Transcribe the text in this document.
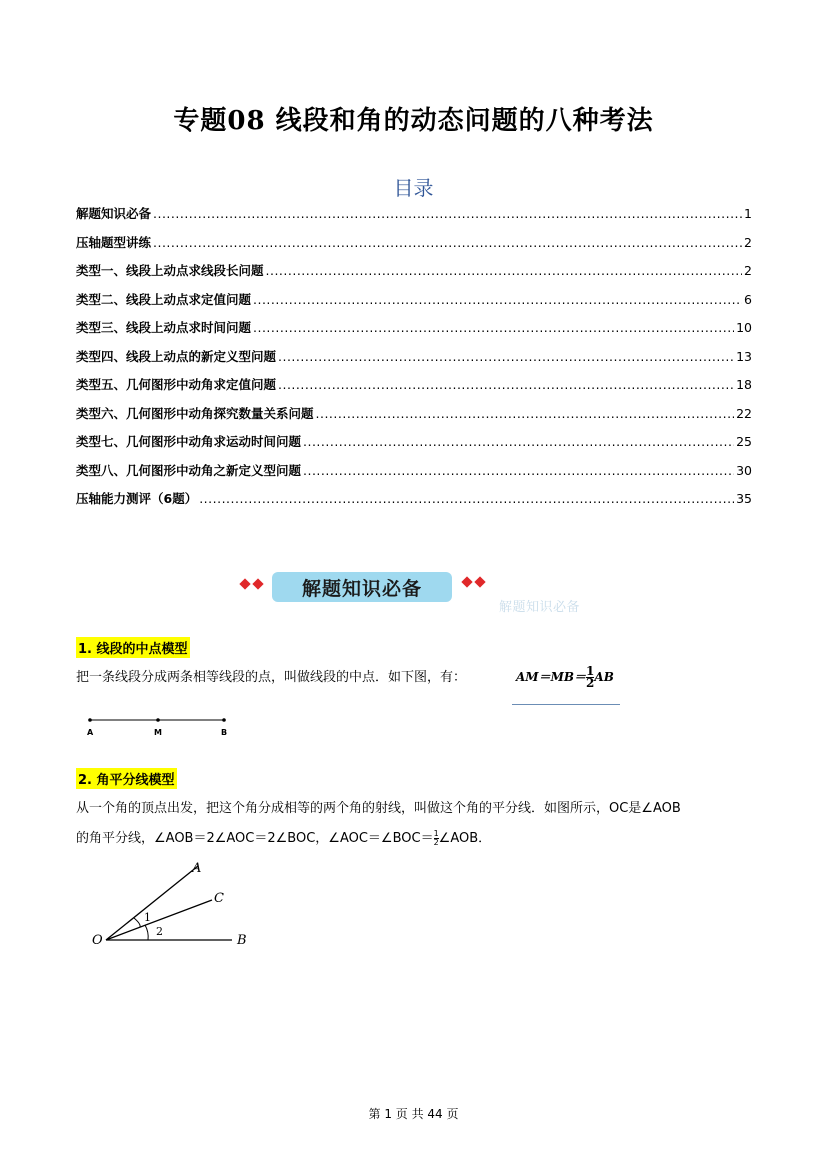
专题08 线段和角的动态问题的八种考法
目录
解题知识必备 .....	1
压轴题型讲练 .....	2
类型一、线段上动点求线段长问题 .....	2
类型二、线段上动点求定值问题 .....	6
类型三、线段上动点求时间问题 .....	10
类型四、线段上动点的新定义型问题 .....	13
类型五、几何图形中动角求定值问题 .....	18
类型六、几何图形中动角探究数量关系问题 .....	22
类型七、几何图形中动角求运动时间问题 .....	25
类型八、几何图形中动角之新定义型问题 .....	30
压轴能力测评（6题） .....	35
解题知识必备
解题知识必备
1. 线段的中点模型
把一条线段分成两条相等线段的点，叫做线段的中点．如下图，有：	$AM=MB= \frac{1}{2}$ AB
A	M	B
2. 角平分线模型
从一个角的顶点出发，把这个角分成相等的两个角的射线，叫做这个角的平分线．如图所示，OC是∠AOB
的角平分线，∠AOB＝2∠AOC＝2∠BOC，∠AOC＝∠BOC＝ $\frac{1}{2}$ ∠AOB．
O
A
C
B
1
2
第 1 页 共 44 页
